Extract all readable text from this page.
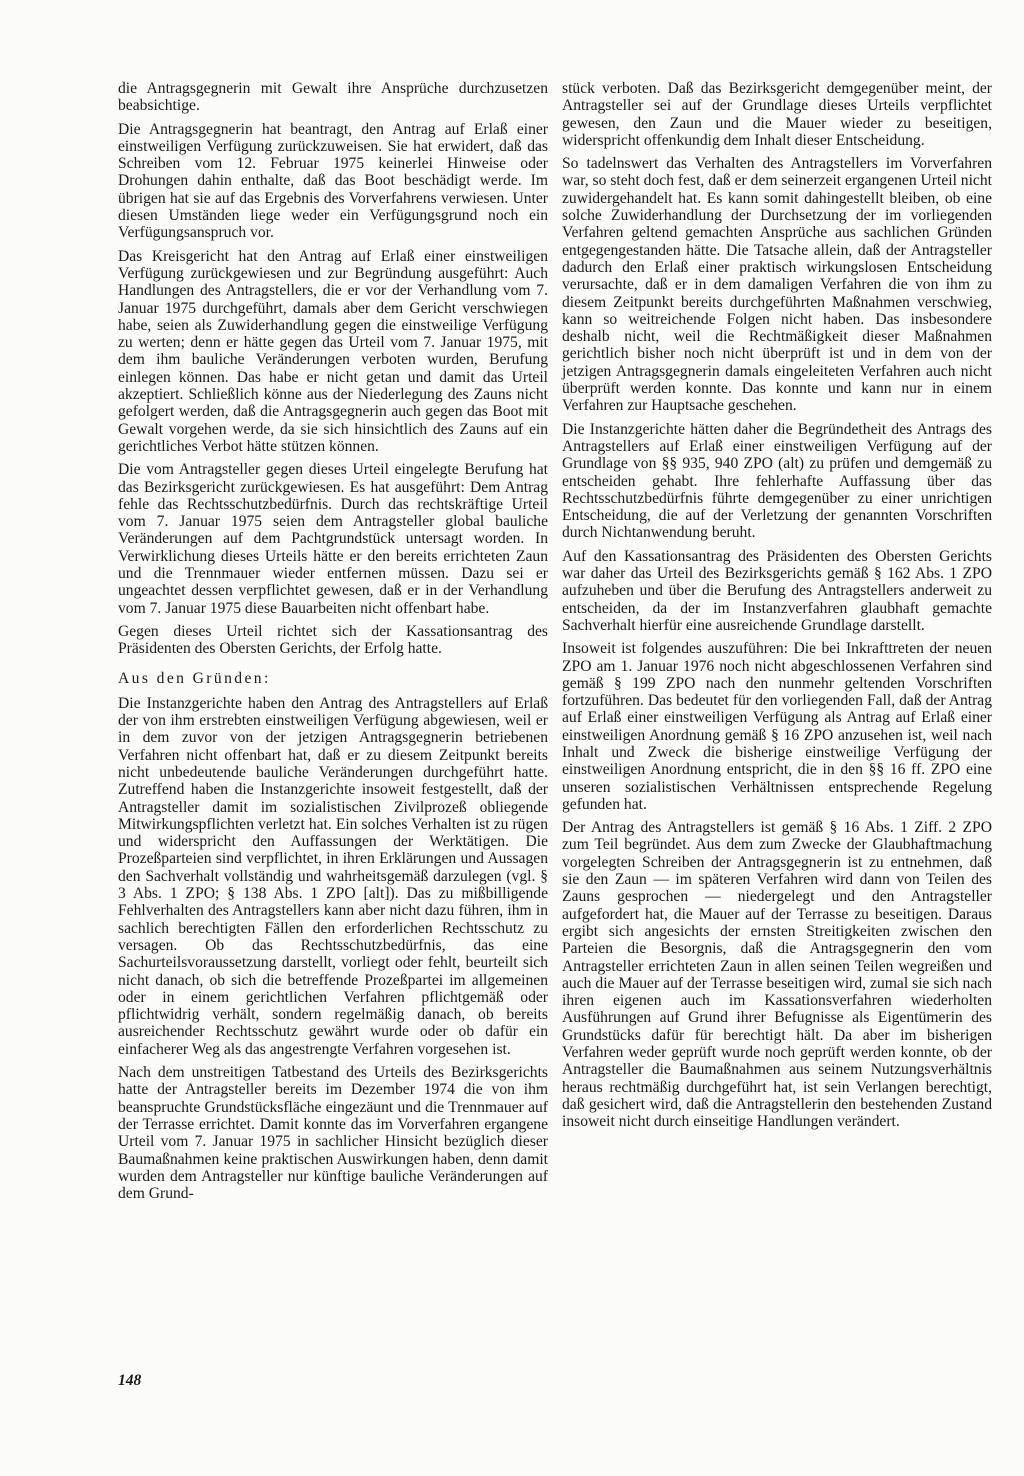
die Antragsgegnerin mit Gewalt ihre Ansprüche durchzusetzen beabsichtige.

Die Antragsgegnerin hat beantragt, den Antrag auf Erlaß einer einstweiligen Verfügung zurückzuweisen. Sie hat erwidert, daß das Schreiben vom 12. Februar 1975 keinerlei Hinweise oder Drohungen dahin enthalte, daß das Boot beschädigt werde. Im übrigen hat sie auf das Ergebnis des Vorverfahrens verwiesen. Unter diesen Umständen liege weder ein Verfügungsgrund noch ein Verfügungsanspruch vor.

Das Kreisgericht hat den Antrag auf Erlaß einer einstweiligen Verfügung zurückgewiesen und zur Begründung ausgeführt: Auch Handlungen des Antragstellers, die er vor der Verhandlung vom 7. Januar 1975 durchgeführt, damals aber dem Gericht verschwiegen habe, seien als Zuwiderhandlung gegen die einstweilige Verfügung zu werten; denn er hätte gegen das Urteil vom 7. Januar 1975, mit dem ihm bauliche Veränderungen verboten wurden, Berufung einlegen können. Das habe er nicht getan und damit das Urteil akzeptiert. Schließlich könne aus der Niederlegung des Zauns nicht gefolgert werden, daß die Antragsgegnerin auch gegen das Boot mit Gewalt vorgehen werde, da sie sich hinsichtlich des Zauns auf ein gerichtliches Verbot hätte stützen können.

Die vom Antragsteller gegen dieses Urteil eingelegte Berufung hat das Bezirksgericht zurückgewiesen. Es hat ausgeführt: Dem Antrag fehle das Rechtsschutzbedürfnis. Durch das rechtskräftige Urteil vom 7. Januar 1975 seien dem Antragsteller global bauliche Veränderungen auf dem Pachtgrundstück untersagt worden. In Verwirklichung dieses Urteils hätte er den bereits errichteten Zaun und die Trennmauer wieder entfernen müssen. Dazu sei er ungeachtet dessen verpflichtet gewesen, daß er in der Verhandlung vom 7. Januar 1975 diese Bauarbeiten nicht offenbart habe.

Gegen dieses Urteil richtet sich der Kassationsantrag des Präsidenten des Obersten Gerichts, der Erfolg hatte.

Aus den Gründen:

Die Instanzgerichte haben den Antrag des Antragstellers auf Erlaß der von ihm erstrebten einstweiligen Verfügung abgewiesen, weil er in dem zuvor von der jetzigen Antragsgegnerin betriebenen Verfahren nicht offenbart hat, daß er zu diesem Zeitpunkt bereits nicht unbedeutende bauliche Veränderungen durchgeführt hatte. Zutreffend haben die Instanzgerichte insoweit festgestellt, daß der Antragsteller damit im sozialistischen Zivilprozeß obliegende Mitwirkungspflichten verletzt hat. Ein solches Verhalten ist zu rügen und widerspricht den Auffassungen der Werktätigen. Die Prozeßparteien sind verpflichtet, in ihren Erklärungen und Aussagen den Sachverhalt vollständig und wahrheitsgemäß darzulegen (vgl. § 3 Abs. 1 ZPO; § 138 Abs. 1 ZPO [alt]). Das zu mißbilligende Fehlverhalten des Antragstellers kann aber nicht dazu führen, ihm in sachlich berechtigten Fällen den erforderlichen Rechtsschutz zu versagen. Ob das Rechtsschutzbedürfnis, das eine Sachurteilsvoraussetzung darstellt, vorliegt oder fehlt, beurteilt sich nicht danach, ob sich die betreffende Prozeßpartei im allgemeinen oder in einem gerichtlichen Verfahren pflichtgemäß oder pflichtwidrig verhält, sondern regelmäßig danach, ob bereits ausreichender Rechtsschutz gewährt wurde oder ob dafür ein einfacherer Weg als das angestrengte Verfahren vorgesehen ist.

Nach dem unstreitigen Tatbestand des Urteils des Bezirksgerichts hatte der Antragsteller bereits im Dezember 1974 die von ihm beanspruchte Grundstücksfläche eingezäunt und die Trennmauer auf der Terrasse errichtet. Damit konnte das im Vorverfahren ergangene Urteil vom 7. Januar 1975 in sachlicher Hinsicht bezüglich dieser Baumaßnahmen keine praktischen Auswirkungen haben, denn damit wurden dem Antragsteller nur künftige bauliche Veränderungen auf dem Grund-

stück verboten. Daß das Bezirksgericht demgegenüber meint, der Antragsteller sei auf der Grundlage dieses Urteils verpflichtet gewesen, den Zaun und die Mauer wieder zu beseitigen, widerspricht offenkundig dem Inhalt dieser Entscheidung.

So tadelnswert das Verhalten des Antragstellers im Vorverfahren war, so steht doch fest, daß er dem seinerzeit ergangenen Urteil nicht zuwidergehandelt hat. Es kann somit dahingestellt bleiben, ob eine solche Zuwiderhandlung der Durchsetzung der im vorliegenden Verfahren geltend gemachten Ansprüche aus sachlichen Gründen entgegengestanden hätte. Die Tatsache allein, daß der Antragsteller dadurch den Erlaß einer praktisch wirkungslosen Entscheidung verursachte, daß er in dem damaligen Verfahren die von ihm zu diesem Zeitpunkt bereits durchgeführten Maßnahmen verschwieg, kann so weitreichende Folgen nicht haben. Das insbesondere deshalb nicht, weil die Rechtmäßigkeit dieser Maßnahmen gerichtlich bisher noch nicht überprüft ist und in dem von der jetzigen Antragsgegnerin damals eingeleiteten Verfahren auch nicht überprüft werden konnte. Das konnte und kann nur in einem Verfahren zur Hauptsache geschehen.

Die Instanzgerichte hätten daher die Begründetheit des Antrags des Antragstellers auf Erlaß einer einstweiligen Verfügung auf der Grundlage von §§ 935, 940 ZPO (alt) zu prüfen und demgemäß zu entscheiden gehabt. Ihre fehlerhafte Auffassung über das Rechtsschutzbedürfnis führte demgegenüber zu einer unrichtigen Entscheidung, die auf der Verletzung der genannten Vorschriften durch Nichtanwendung beruht.

Auf den Kassationsantrag des Präsidenten des Obersten Gerichts war daher das Urteil des Bezirksgerichts gemäß § 162 Abs. 1 ZPO aufzuheben und über die Berufung des Antragstellers anderweit zu entscheiden, da der im Instanzverfahren glaubhaft gemachte Sachverhalt hierfür eine ausreichende Grundlage darstellt.

Insoweit ist folgendes auszuführen: Die bei Inkrafttreten der neuen ZPO am 1. Januar 1976 noch nicht abgeschlossenen Verfahren sind gemäß § 199 ZPO nach den nunmehr geltenden Vorschriften fortzuführen. Das bedeutet für den vorliegenden Fall, daß der Antrag auf Erlaß einer einstweiligen Verfügung als Antrag auf Erlaß einer einstweiligen Anordnung gemäß § 16 ZPO anzusehen ist, weil nach Inhalt und Zweck die bisherige einstweilige Verfügung der einstweiligen Anordnung entspricht, die in den §§ 16 ff. ZPO eine unseren sozialistischen Verhältnissen entsprechende Regelung gefunden hat.

Der Antrag des Antragstellers ist gemäß § 16 Abs. 1 Ziff. 2 ZPO zum Teil begründet. Aus dem zum Zwecke der Glaubhaftmachung vorgelegten Schreiben der Antragsgegnerin ist zu entnehmen, daß sie den Zaun — im späteren Verfahren wird dann von Teilen des Zauns gesprochen — niedergelegt und den Antragsteller aufgefordert hat, die Mauer auf der Terrasse zu beseitigen. Daraus ergibt sich angesichts der ernsten Streitigkeiten zwischen den Parteien die Besorgnis, daß die Antragsgegnerin den vom Antragsteller errichteten Zaun in allen seinen Teilen wegreißen und auch die Mauer auf der Terrasse beseitigen wird, zumal sie sich nach ihren eigenen auch im Kassationsverfahren wiederholten Ausführungen auf Grund ihrer Befugnisse als Eigentümerin des Grundstücks dafür für berechtigt hält. Da aber im bisherigen Verfahren weder geprüft wurde noch geprüft werden konnte, ob der Antragsteller die Baumaßnahmen aus seinem Nutzungsverhältnis heraus rechtmäßig durchgeführt hat, ist sein Verlangen berechtigt, daß gesichert wird, daß die Antragstellerin den bestehenden Zustand insoweit nicht durch einseitige Handlungen verändert.

148
